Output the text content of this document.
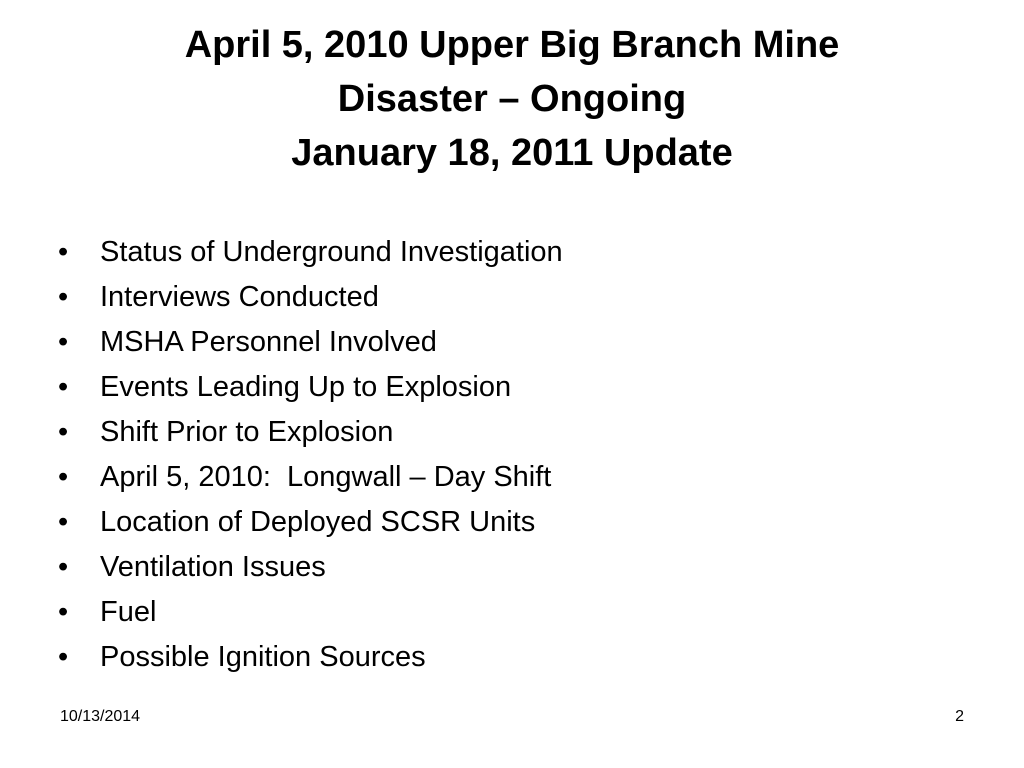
April 5, 2010 Upper Big Branch Mine
Disaster – Ongoing
January 18, 2011 Update
•	Status of Underground Investigation
•	Interviews Conducted
•	MSHA Personnel Involved
•	Events Leading Up to Explosion
•	Shift Prior to Explosion
•	April 5, 2010:  Longwall – Day Shift
•	Location of Deployed SCSR Units
•	Ventilation Issues
•	Fuel
•	Possible Ignition Sources
10/13/2014	2
